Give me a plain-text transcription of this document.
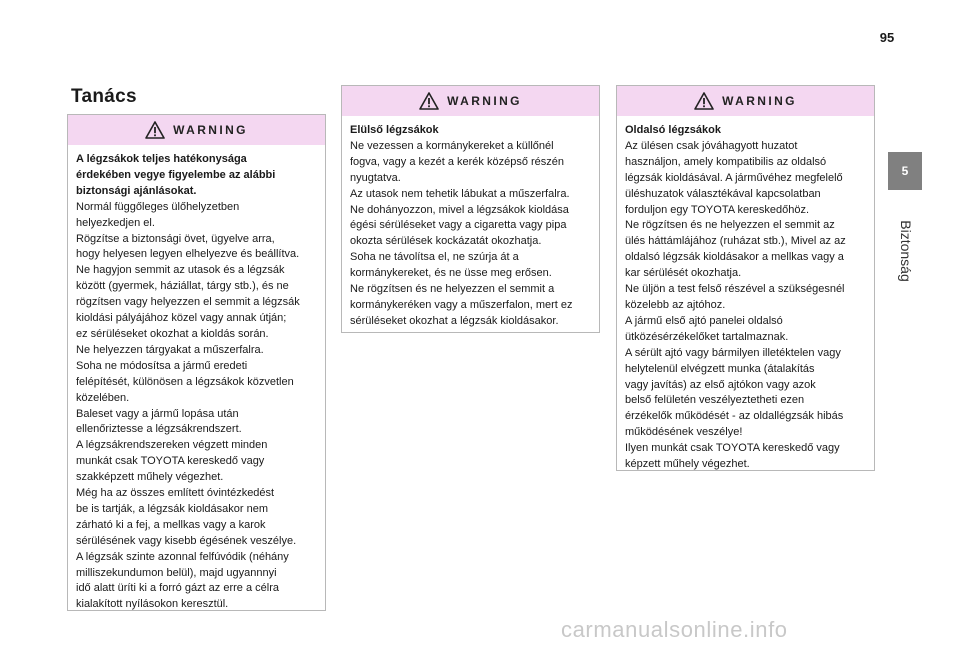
95
5
Biztonság
Tanács
WARNING

A légzsákok teljes hatékonysága

érdekében vegye figyelembe az alábbi

biztonsági ajánlásokat.

Normál függőleges ülőhelyzetben

helyezkedjen el.

Rögzítse a biztonsági övet, ügyelve arra,

hogy helyesen legyen elhelyezve és beállítva.

Ne hagyjon semmit az utasok és a légzsák

között (gyermek, háziállat, tárgy stb.), és ne

rögzítsen vagy helyezzen el semmit a légzsák

kioldási pályájához közel vagy annak útján;

ez sérüléseket okozhat a kioldás során.

Ne helyezzen tárgyakat a műszerfalra.

Soha ne módosítsa a jármű eredeti

felépítését, különösen a légzsákok közvetlen

közelében.

Baleset vagy a jármű lopása után

ellenőriztesse a légzsákrendszert.

A légzsákrendszereken végzett minden

munkát csak TOYOTA kereskedő vagy

szakképzett műhely végezhet.

Még ha az összes említett óvintézkedést

be is tartják, a légzsák kioldásakor nem

zárható ki a fej, a mellkas vagy a karok

sérülésének vagy kisebb égésének veszélye.

A légzsák szinte azonnal felfúvódik (néhány

milliszekundumon belül), majd ugyannnyi

idő alatt üríti ki a forró gázt az erre a célra

kialakított nyílásokon keresztül.

WARNING

Elülső légzsákok

Ne vezessen a kormánykereket a küllőnél

fogva, vagy a kezét a kerék középső részén

nyugtatva.

Az utasok nem tehetik lábukat a műszerfalra.

Ne dohányozzon, mivel a légzsákok kioldása

égési sérüléseket vagy a cigaretta vagy pipa

okozta sérülések kockázatát okozhatja.

Soha ne távolítsa el, ne szúrja át a

kormánykereket, és ne üsse meg erősen.

Ne rögzítsen és ne helyezzen el semmit a

kormánykeréken vagy a műszerfalon, mert ez

sérüléseket okozhat a légzsák kioldásakor.

WARNING

Oldalsó légzsákok

Az ülésen csak jóváhagyott huzatot

használjon, amely kompatibilis az oldalsó

légzsák kioldásával. A járművéhez megfelelő

üléshuzatok választékával kapcsolatban

forduljon egy TOYOTA kereskedőhöz.

Ne rögzítsen és ne helyezzen el semmit az

ülés háttámlájához (ruházat stb.), Mivel az az

oldalsó légzsák kioldásakor a mellkas vagy a

kar sérülését okozhatja.

Ne üljön a test felső részével a szükségesnél

közelebb az ajtóhoz.

A jármű első ajtó panelei oldalsó

ütközésérzékelőket tartalmaznak.

A sérült ajtó vagy bármilyen illetéktelen vagy

helytelenül elvégzett munka (átalakítás

vagy javítás) az első ajtókon vagy azok

belső felületén veszélyeztetheti ezen

érzékelők működését - az oldallégzsák hibás

működésének veszélye!

Ilyen munkát csak TOYOTA kereskedő vagy

képzett műhely végezhet.

carmanualsonline.info
